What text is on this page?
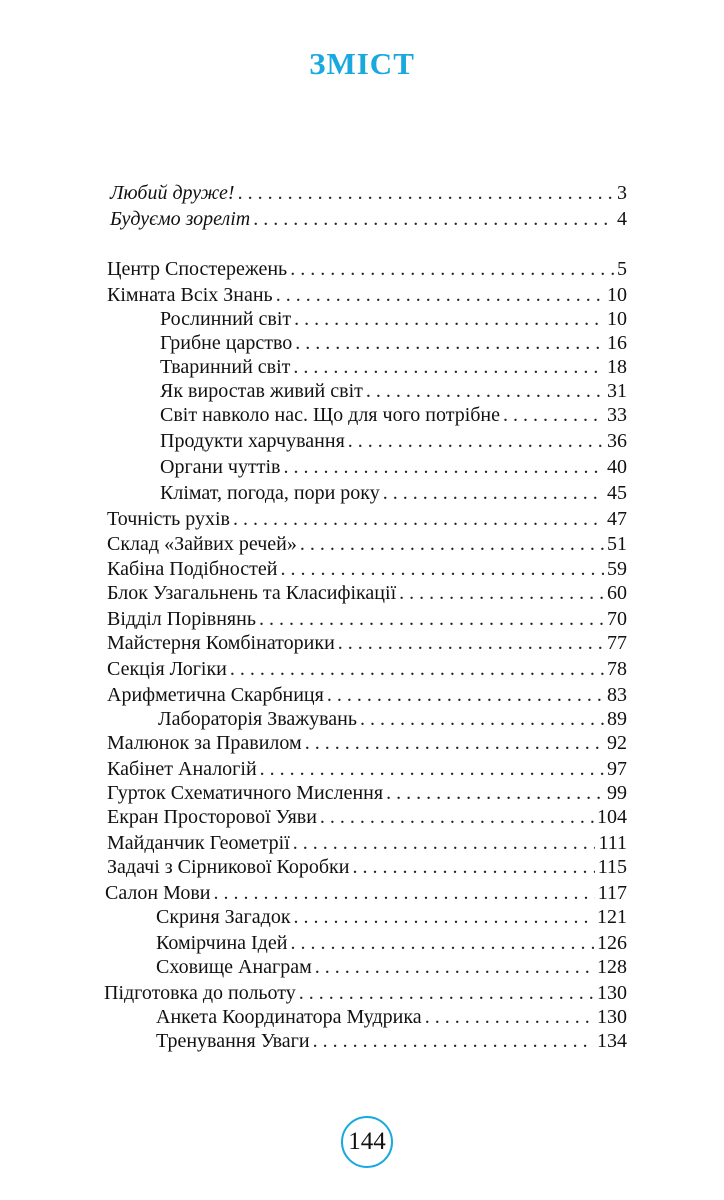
ЗМІСТ
Любий друже! . . .	3
Будуємо зореліт . . .	4
Центр Спостережень . . .	5
Кімната Всіх Знань . . .	10
Рослинний світ . . .	10
Грибне царство . . .	16
Тваринний світ . . .	18
Як виростав живий світ . . .	31
Світ навколо нас. Що для чого потрібне . . .	33
Продукти харчування . . .	36
Органи чуттів . . .	40
Клімат, погода, пори року . . .	45
Точність рухів . . .	47
Склад «Зайвих речей» . . .	51
Кабіна Подібностей . . .	59
Блок Узагальнень та Класифікації . . .	60
Відділ Порівнянь . . .	70
Майстерня Комбінаторики . . .	77
Секція Логіки . . .	78
Арифметична Скарбниця . . .	83
Лабораторія Зважувань . . .	89
Малюнок за Правилом . . .	92
Кабінет Аналогій . . .	97
Гурток Схематичного Мислення . . .	99
Екран Просторової Уяви . . .	104
Майданчик Геометрії . . .	111
Задачі з Сірникової Коробки . . .	115
Салон Мови . . .	117
Скриня Загадок . . .	121
Комірчина Ідей . . .	126
Сховище Анаграм . . .	128
Підготовка до польоту . . .	130
Анкета Координатора Мудрика . . .	130
Тренування Уваги . . .	134
144
